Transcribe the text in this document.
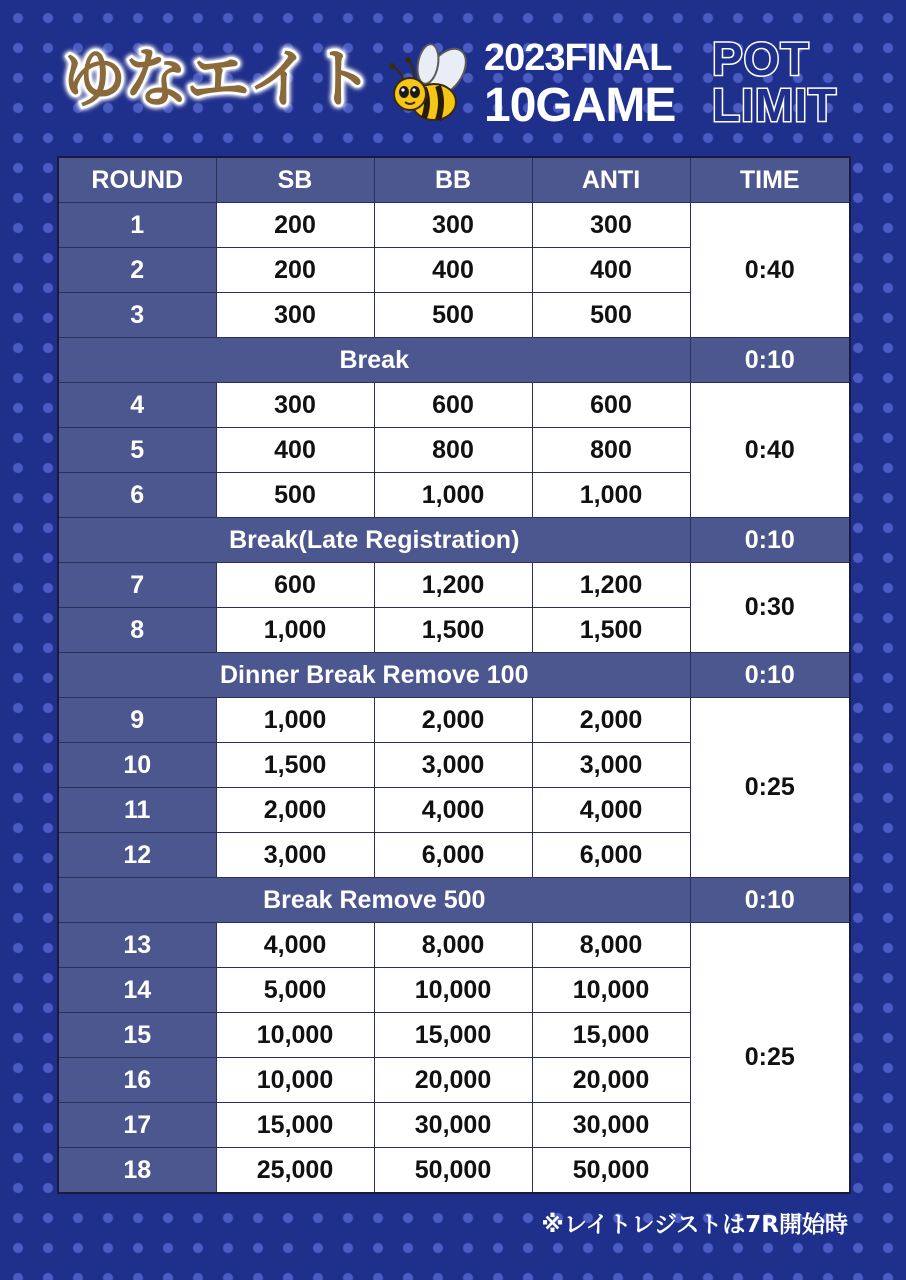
ゆなエイト	2023FINAL
10GAME
POT
LIMIT
ROUND	SB	BB	ANTI	TIME
1	200	300	300	0:40
2	200	400	400	
3	300	500	500	
Break				0:10
4	300	600	600	0:40
5	400	800	800	
6	500	1,000	1,000	
Break(Late Registration)				0:10
7	600	1,200	1,200	0:30
8	1,000	1,500	1,500	
Dinner Break Remove 100				0:10
9	1,000	2,000	2,000	0:25
10	1,500	3,000	3,000	
11	2,000	4,000	4,000	
12	3,000	6,000	6,000	
Break Remove 500				0:10
13	4,000	8,000	8,000	0:25
14	5,000	10,000	10,000	
15	10,000	15,000	15,000	
16	10,000	20,000	20,000	
17	15,000	30,000	30,000	
18	25,000	50,000	50,000	
※レイトレジストは7R開始時
